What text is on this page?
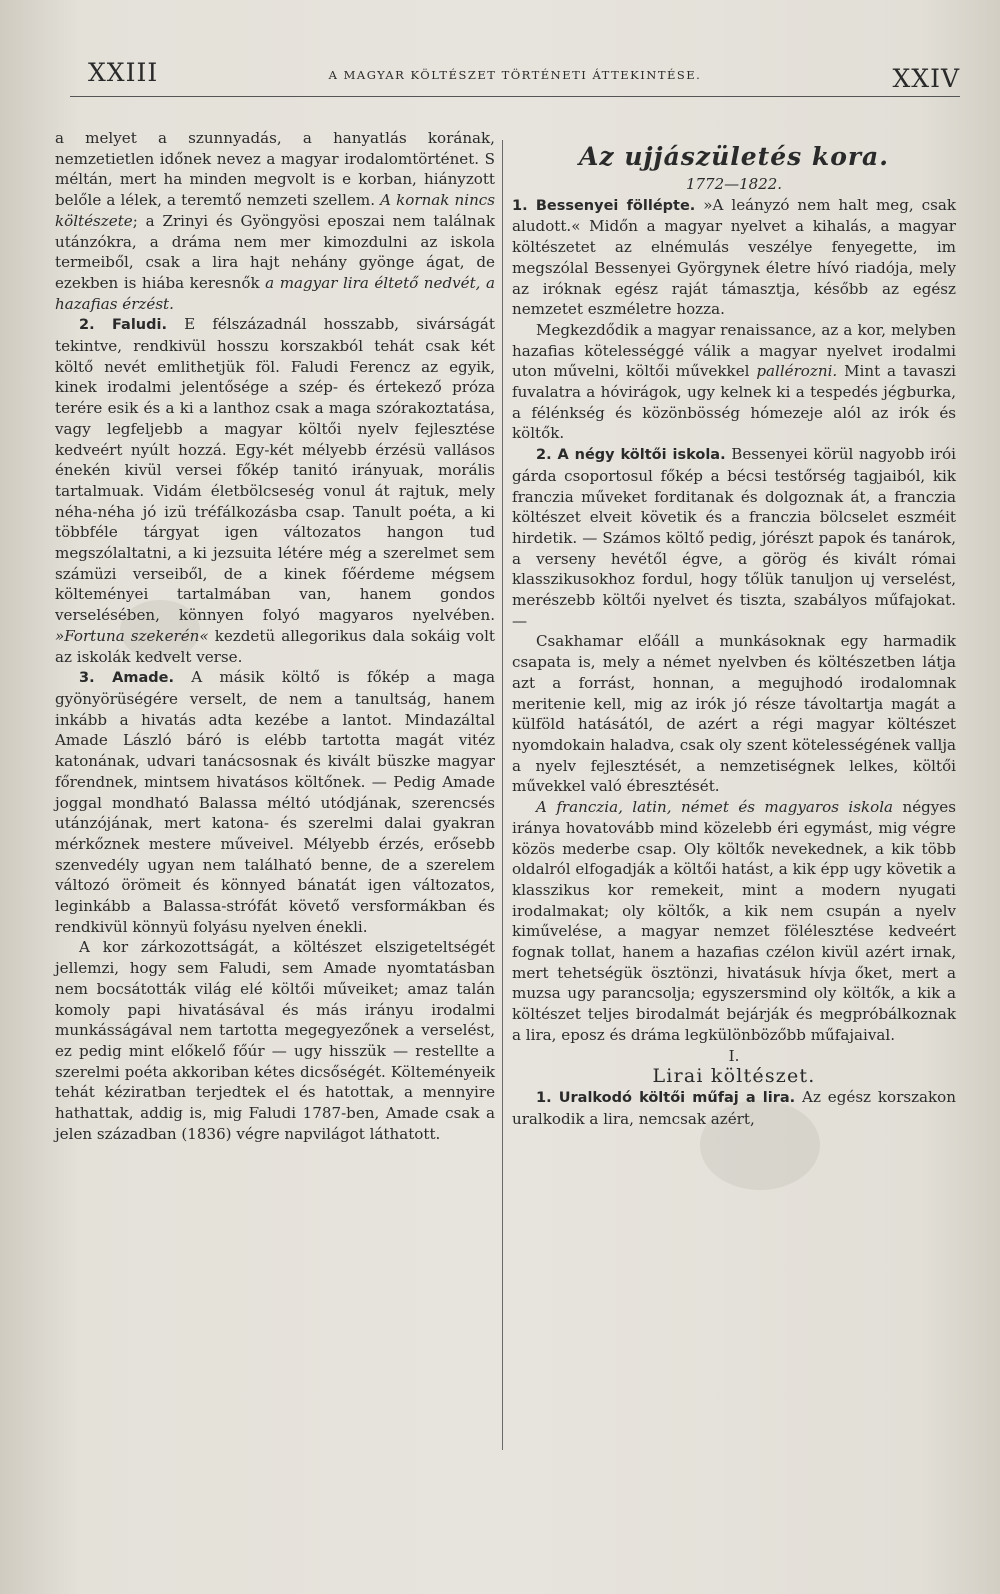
XXIII	A MAGYAR KÖLTÉSZET TÖRTÉNETI ÁTTEKINTÉSE.	XXIV

a melyet a szunnyadás, a hanyatlás korának, nemzetietlen időnek nevez a magyar irodalomtörténet. S méltán, mert ha minden megvolt is e korban, hiányzott belőle a lélek, a teremtő nemzeti szellem. A kornak nincs költészete; a Zrinyi és Gyöngyösi eposzai nem találnak utánzókra, a dráma nem mer kimozdulni az iskola termeiből, csak a lira hajt nehány gyönge ágat, de ezekben is hiába keresnők a magyar lira éltető nedvét, a hazafias érzést.

2. Faludi. E félszázadnál hosszabb, sivárságát tekintve, rendkivül hosszu korszakból tehát csak két költő nevét emlithetjük föl. Faludi Ferencz az egyik, kinek irodalmi jelentősége a szép- és értekező próza terére esik és a ki a lanthoz csak a maga szórakoztatása, vagy legfeljebb a magyar költői nyelv fejlesztése kedveért nyúlt hozzá. Egy-két mélyebb érzésü vallásos énekén kivül versei főkép tanitó irányuak, morális tartalmuak. Vidám életbölcseség vonul át rajtuk, mely néha-néha jó izü tréfálkozásba csap. Tanult poéta, a ki többféle tárgyat igen változatos hangon tud megszólaltatni, a ki jezsuita létére még a szerelmet sem számüzi verseiből, de a kinek főérdeme mégsem költeményei tartalmában van, hanem gondos verselésében, könnyen folyó magyaros nyelvében. »Fortuna szekerén« kezdetü allegorikus dala sokáig volt az iskolák kedvelt verse.

3. Amade. A másik költő is főkép a maga gyönyörüségére verselt, de nem a tanultság, hanem inkább a hivatás adta kezébe a lantot. Mindazáltal Amade László báró is elébb tartotta magát vitéz katonának, udvari tanácsosnak és kivált büszke magyar főrendnek, mintsem hivatásos költőnek. — Pedig Amade joggal mondható Balassa méltó utódjának, szerencsés utánzójának, mert katona- és szerelmi dalai gyakran mérkőznek mestere műveivel. Mélyebb érzés, erősebb szenvedély ugyan nem található benne, de a szerelem változó örömeit és könnyed bánatát igen változatos, leginkább a Balassa-strófát követő versformákban és rendkivül könnyü folyásu nyelven énekli.

A kor zárkozottságát, a költészet elszigeteltségét jellemzi, hogy sem Faludi, sem Amade nyomtatásban nem bocsátották világ elé költői műveiket; amaz talán komoly papi hivatásával és más irányu irodalmi munkásságával nem tartotta megegyezőnek a verselést, ez pedig mint előkelő főúr — ugy hisszük — restellte a szerelmi poéta akkoriban kétes dicsőségét. Költeményeik tehát kéziratban terjedtek el és hatottak, a mennyire hathattak, addig is, mig Faludi 1787-ben, Amade csak a jelen században (1836) végre napvilágot láthatott.

Az ujjászületés kora.

1772—1822.

1. Bessenyei föllépte. »A leányzó nem halt meg, csak aludott.« Midőn a magyar nyelvet a kihalás, a magyar költészetet az elnémulás veszélye fenyegette, im megszólal Bessenyei Györgynek életre hívó riadója, mely az iróknak egész raját támasztja, később az egész nemzetet eszméletre hozza.

Megkezdődik a magyar renaissance, az a kor, melyben hazafias kötelességgé válik a magyar nyelvet irodalmi uton művelni, költői művekkel pallérozni. Mint a tavaszi fuvalatra a hóvirágok, ugy kelnek ki a tespedés jégburka, a félénkség és közönbösség hómezeje alól az irók és költők.

2. A négy költői iskola. Bessenyei körül nagyobb irói gárda csoportosul főkép a bécsi testőrség tagjaiból, kik franczia műveket forditanak és dolgoznak át, a franczia költészet elveit követik és a franczia bölcselet eszméit hirdetik. — Számos költő pedig, jórészt papok és tanárok, a verseny hevétől égve, a görög és kivált római klasszikusokhoz fordul, hogy tőlük tanuljon uj verselést, merészebb költői nyelvet és tiszta, szabályos műfajokat. —

Csakhamar előáll a munkásoknak egy harmadik csapata is, mely a német nyelvben és költészetben látja azt a forrást, honnan, a megujhodó irodalomnak meritenie kell, mig az irók jó része távoltartja magát a külföld hatásától, de azért a régi magyar költészet nyomdokain haladva, csak oly szent kötelességének vallja a nyelv fejlesztését, a nemzetiségnek lelkes, költői művekkel való ébresztését.

A franczia, latin, német és magyaros iskola négyes iránya hovatovább mind közelebb éri egymást, mig végre közös mederbe csap. Oly költők nevekednek, a kik több oldalról elfogadják a költői hatást, a kik épp ugy követik a klasszikus kor remekeit, mint a modern nyugati irodalmakat; oly költők, a kik nem csupán a nyelv kiművelése, a magyar nemzet fölélesztése kedveért fognak tollat, hanem a hazafias czélon kivül azért irnak, mert tehetségük ösztönzi, hivatásuk hívja őket, mert a muzsa ugy parancsolja; egyszersmind oly költők, a kik a költészet teljes birodalmát bejárják és megpróbálkoznak a lira, eposz és dráma legkülönbözőbb műfajaival.

I.

Lirai költészet.

1. Uralkodó költői műfaj a lira. Az egész korszakon uralkodik a lira, nemcsak azért,
